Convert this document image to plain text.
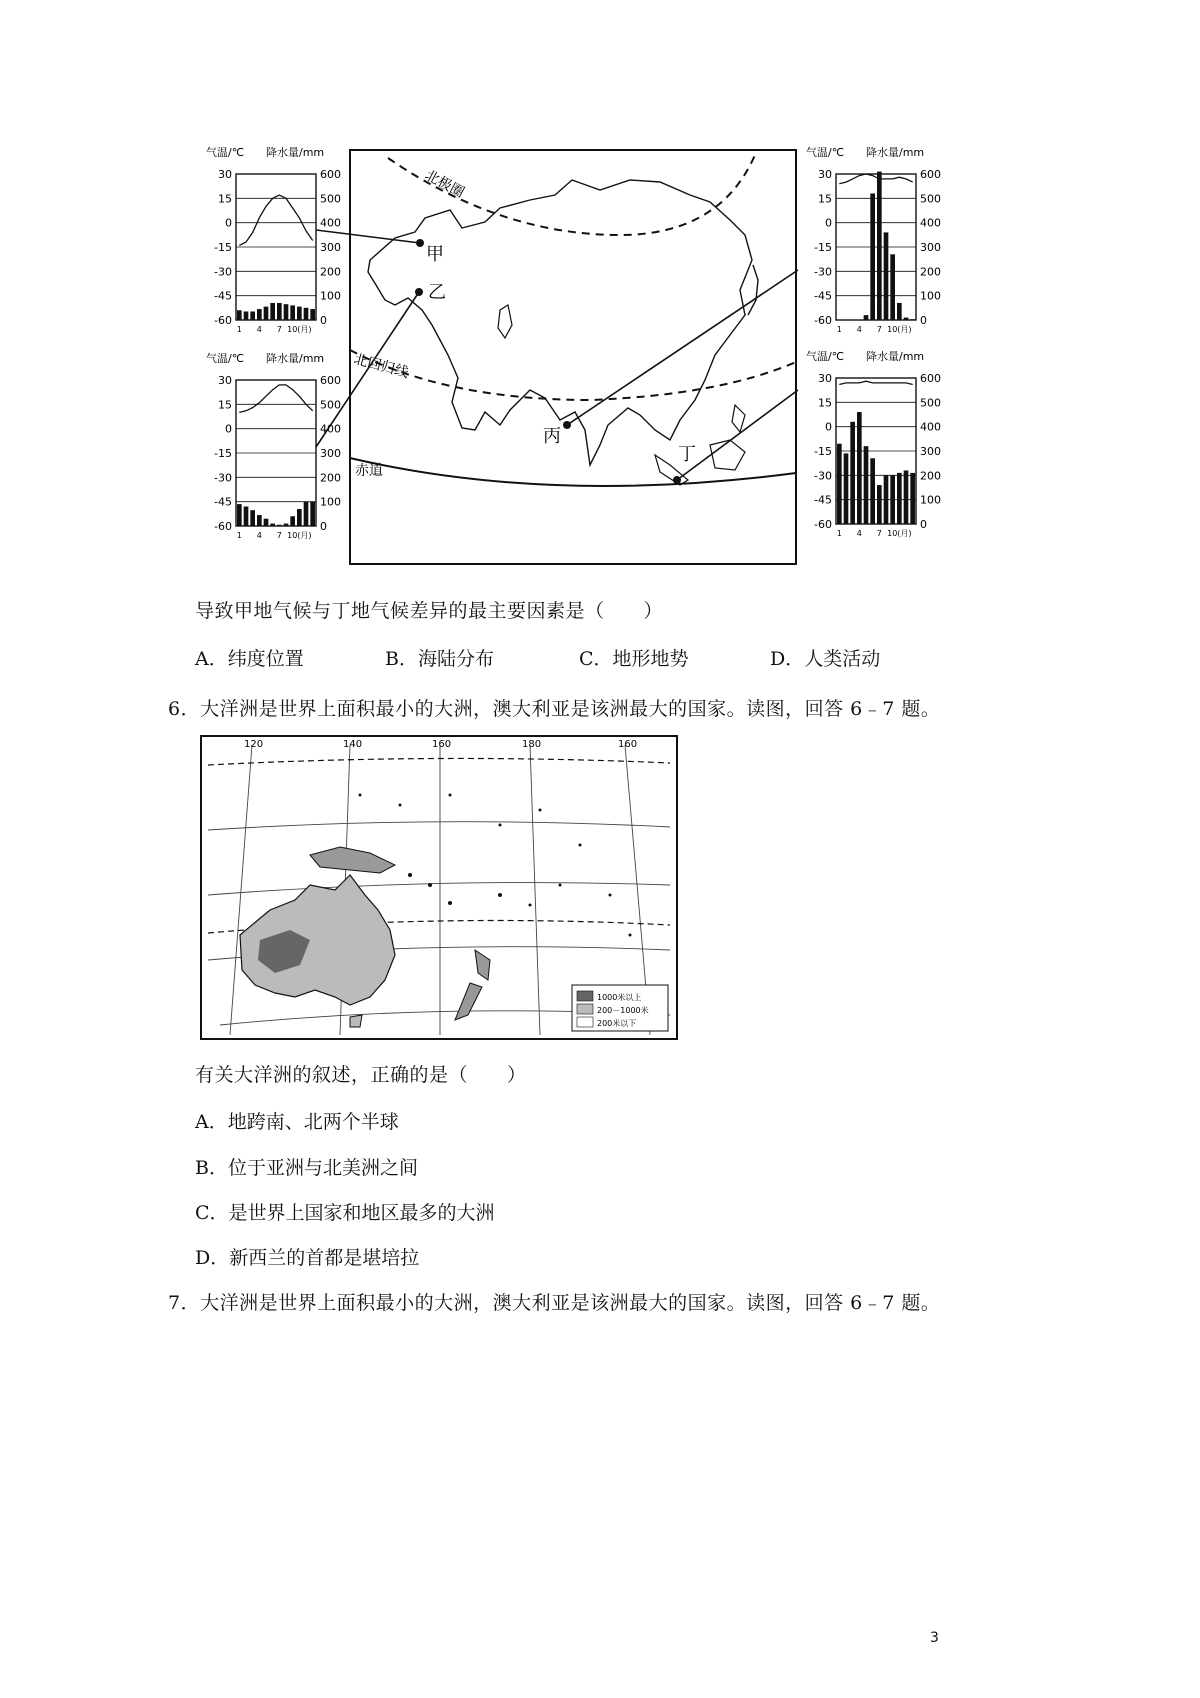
北极圈
北回归线
赤道
甲
乙
丙
丁
气温/℃ 降水量/mm
30
15
0
-15
-30
-45
-60
600
500
400
300
200
100
0
1 4 7 10(月)
气温/℃ 降水量/mm
30
15
0
-15
-30
-45
-60
600
500
400
300
200
100
0
1 4 7 10(月)
气温/℃ 降水量/mm
30
15
0
-15
-30
-45
-60
600
500
400
300
200
100
0
1 4 7 10(月)
气温/℃ 降水量/mm
30
15
0
-15
-30
-45
-60
600
500
400
300
200
100
0
1 4 7 10(月)
导致甲地气候与丁地气候差异的最主要因素是（　　）
A．纬度位置	B．海陆分布	C．地形地势	D．人类活动
6．大洋洲是世界上面积最小的大洲，澳大利亚是该洲最大的国家。读图，回答 6﹣7 题。
120	140	160	180	160
1000米以上
200－1000米
200米以下
有关大洋洲的叙述，正确的是（　　）
A．地跨南、北两个半球
B．位于亚洲与北美洲之间
C．是世界上国家和地区最多的大洲
D．新西兰的首都是堪培拉
7．大洋洲是世界上面积最小的大洲，澳大利亚是该洲最大的国家。读图，回答 6﹣7 题。
3
